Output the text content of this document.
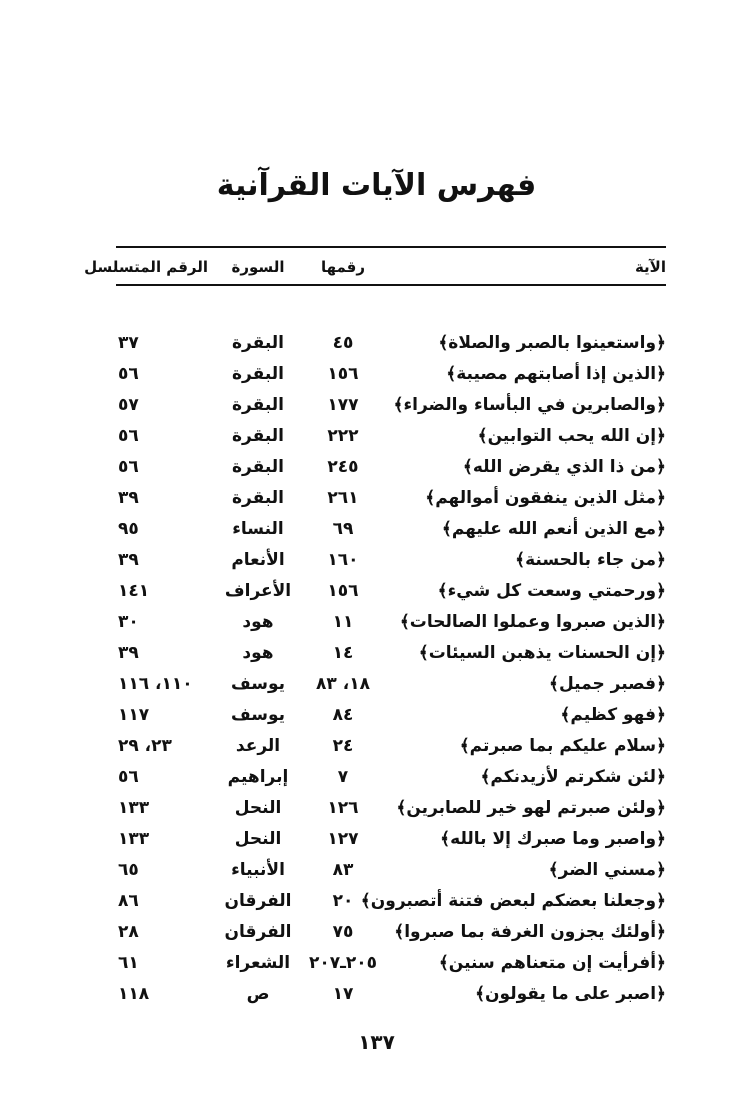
فهرس الآيات القرآنية
الآية
رقمها
السورة
الرقم المتسلسل
﴿واستعينوا بالصبر والصلاة﴾
٤٥
البقرة
٣٧
﴿الذين إذا أصابتهم مصيبة﴾
١٥٦
البقرة
٥٦
﴿والصابرين في البأساء والضراء﴾
١٧٧
البقرة
٥٧
﴿إن الله يحب التوابين﴾
٢٢٢
البقرة
٥٦
﴿من ذا الذي يقرض الله﴾
٢٤٥
البقرة
٥٦
﴿مثل الذين ينفقون أموالهم﴾
٢٦١
البقرة
٣٩
﴿مع الذين أنعم الله عليهم﴾
٦٩
النساء
٩٥
﴿من جاء بالحسنة﴾
١٦٠
الأنعام
٣٩
﴿ورحمتي وسعت كل شيء﴾
١٥٦
الأعراف
١٤١
﴿الذين صبروا وعملوا الصالحات﴾
١١
هود
٣٠
﴿إن الحسنات يذهبن السيئات﴾
١٤
هود
٣٩
﴿فصبر جميل﴾
١٨، ٨٣
يوسف
١١٠، ١١٦
﴿فهو كظيم﴾
٨٤
يوسف
١١٧
﴿سلام عليكم بما صبرتم﴾
٢٤
الرعد
٢٣، ٢٩
﴿لئن شكرتم لأزيدنكم﴾
٧
إبراهيم
٥٦
﴿ولئن صبرتم لهو خير للصابرين﴾
١٢٦
النحل
١٣٣
﴿واصبر وما صبرك إلا بالله﴾
١٢٧
النحل
١٣٣
﴿مسني الضر﴾
٨٣
الأنبياء
٦٥
﴿وجعلنا بعضكم لبعض فتنة أتصبرون﴾
٢٠
الفرقان
٨٦
﴿أولئك يجزون الغرفة بما صبروا﴾
٧٥
الفرقان
٢٨
﴿أفرأيت إن متعناهم سنين﴾
٢٠٥ـ٢٠٧
الشعراء
٦١
﴿اصبر على ما يقولون﴾
١٧
ص
١١٨
١٣٧
